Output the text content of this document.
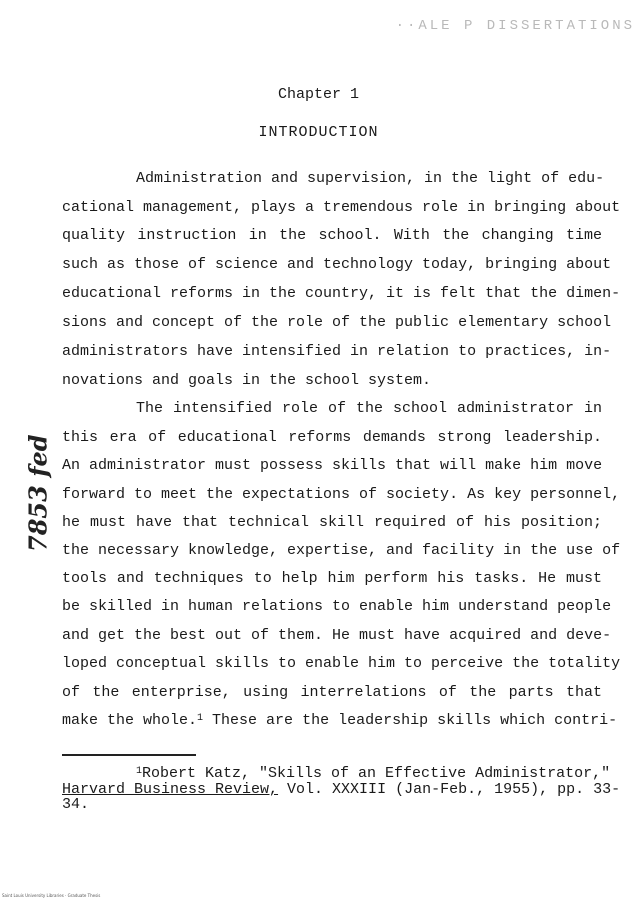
··ALE P DISSERTATIONS
Chapter 1
INTRODUCTION
7853 fed
Administration and supervision, in the light of edu-
cational management, plays a tremendous role in bringing about
quality instruction in the school. With the changing time
such as those of science and technology today, bringing about
educational reforms in the country, it is felt that the dimen-
sions and concept of the role of the public elementary school
administrators have intensified in relation to practices, in-
novations and goals in the school system.
The intensified role of the school administrator in
this era of educational reforms demands strong leadership.
An administrator must possess skills that will make him move
forward to meet the expectations of society. As key personnel,
he must have that technical skill required of his position;
the necessary knowledge, expertise, and facility in the use of
tools and techniques to help him perform his tasks. He must
be skilled in human relations to enable him understand people
and get the best out of them. He must have acquired and deve-
loped conceptual skills to enable him to perceive the totality
of the enterprise, using interrelations of the parts that
make the whole.$^1$ These are the leadership skills which contri-
$^1$Robert Katz, "Skills of an Effective Administrator,"
Harvard Business Review, Vol. XXXIII (Jan-Feb., 1955), pp. 33-
34.
Saint Louis University Libraries · Graduate Thesis
